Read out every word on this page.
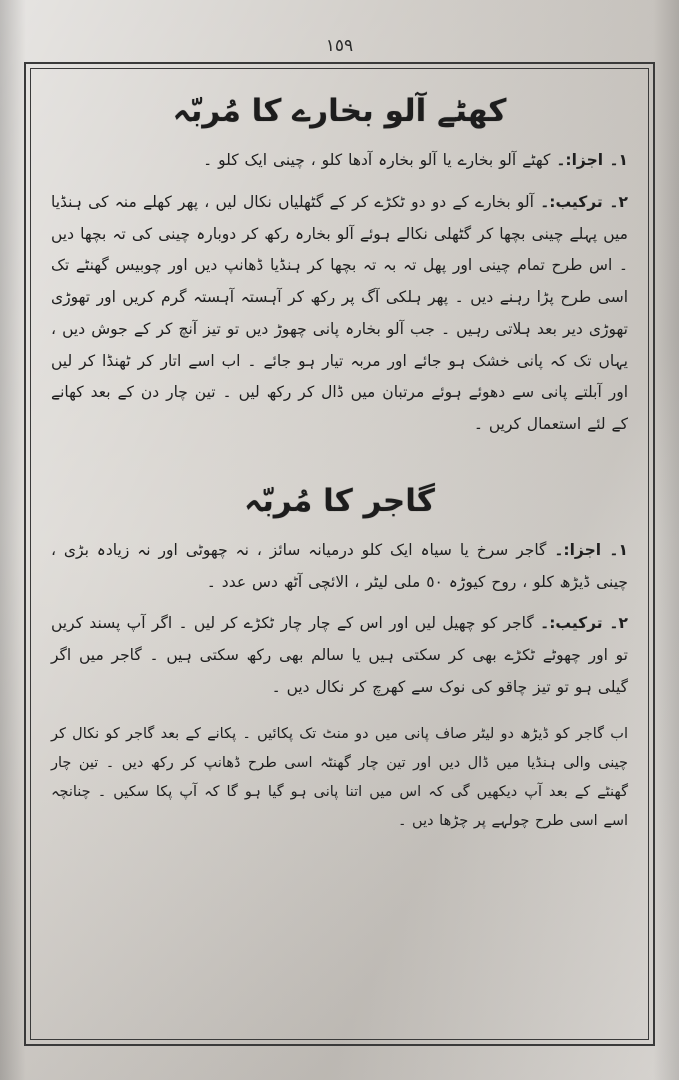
١٥٩
کھٹے آلو بخارے کا مُربّہ

١۔ اجزا:۔ کھٹے آلو بخارے یا آلو بخارہ آدھا کلو ، چینی ایک کلو ۔

٢۔ ترکیب:۔ آلو بخارے کے دو دو ٹکڑے کر کے گٹھلیاں نکال لیں ، پھر کھلے منہ کی ہنڈیا میں پہلے چینی بچھا کر گٹھلی نکالے ہوئے آلو بخارہ رکھ کر دوبارہ چینی کی تہ بچھا دیں ۔ اس طرح تمام چینی اور پھل تہ بہ تہ بچھا کر ہنڈیا ڈھانپ دیں اور چوبیس گھنٹے تک اسی طرح پڑا رہنے دیں ۔ پھر ہلکی آگ پر رکھ کر آہستہ آہستہ گرم کریں اور تھوڑی تھوڑی دیر بعد ہلاتی رہیں ۔ جب آلو بخارہ پانی چھوڑ دیں تو تیز آنچ کر کے جوش دیں ، یہاں تک کہ پانی خشک ہو جائے اور مربہ تیار ہو جائے ۔ اب اسے اتار کر ٹھنڈا کر لیں اور آبلتے پانی سے دھوئے ہوئے مرتبان میں ڈال کر رکھ لیں ۔ تین چار دن کے بعد کھانے کے لئے استعمال کریں ۔

گاجر کا مُربّہ

١۔ اجزا:۔ گاجر سرخ یا سیاہ ایک کلو درمیانہ سائز ، نہ چھوٹی اور نہ زیادہ بڑی ، چینی ڈیڑھ کلو ، روح کیوڑہ ٥٠ ملی لیٹر ، الائچی آٹھ دس عدد ۔

٢۔ ترکیب:۔ گاجر کو چھیل لیں اور اس کے چار چار ٹکڑے کر لیں ۔ اگر آپ پسند کریں تو اور چھوٹے ٹکڑے بھی کر سکتی ہیں یا سالم بھی رکھ سکتی ہیں ۔ گاجر میں اگر گیلی ہو تو تیز چاقو کی نوک سے کھرچ کر نکال دیں ۔

اب گاجر کو ڈیڑھ دو لیٹر صاف پانی میں دو منٹ تک پکائیں ۔ پکانے کے بعد گاجر کو نکال کر چینی والی ہنڈیا میں ڈال دیں اور تین چار گھنٹہ اسی طرح ڈھانپ کر رکھ دیں ۔ تین چار گھنٹے کے بعد آپ دیکھیں گی کہ اس میں اتنا پانی ہو گیا ہو گا کہ آپ پکا سکیں ۔ چنانچہ اسے اسی طرح چولہے پر چڑھا دیں ۔
